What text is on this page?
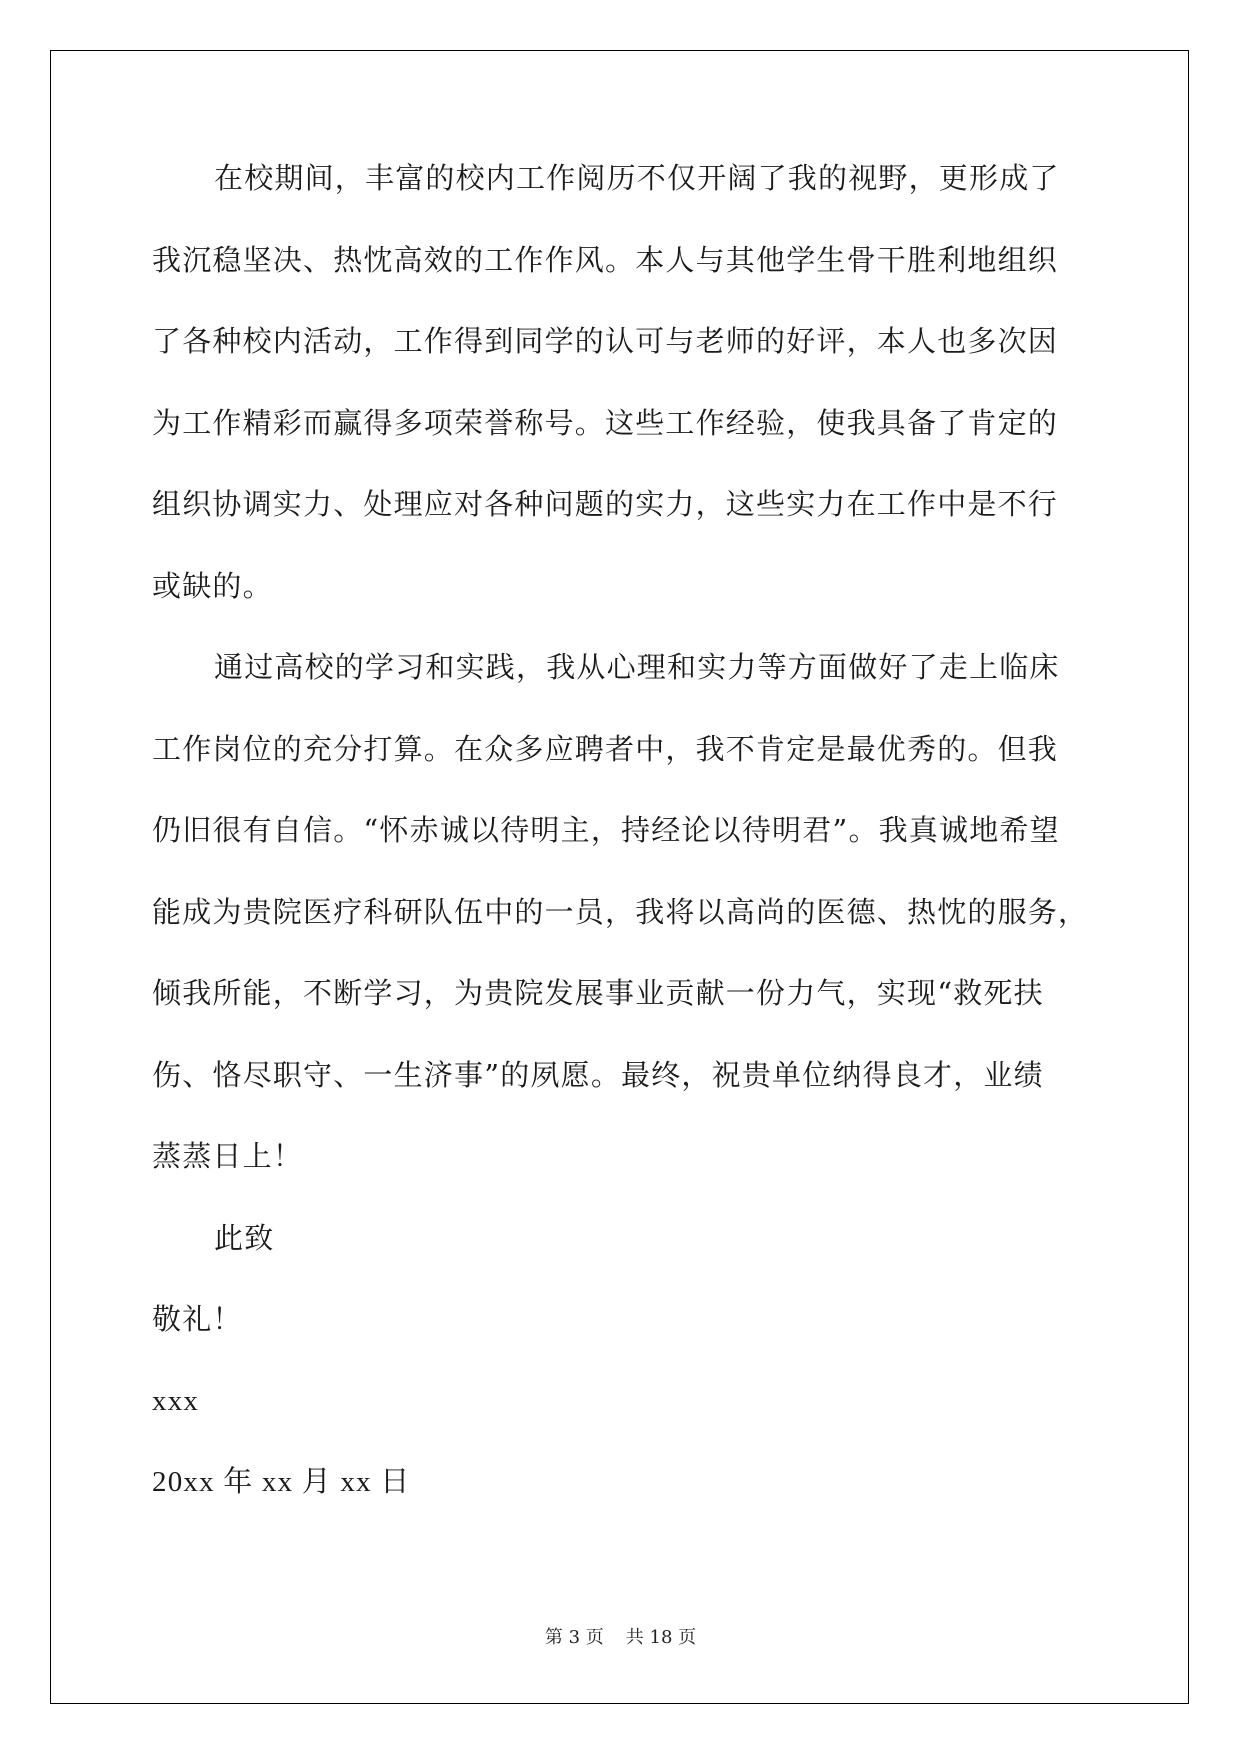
在校期间，丰富的校内工作阅历不仅开阔了我的视野，更形成了
我沉稳坚决、热忱高效的工作作风。本人与其他学生骨干胜利地组织
了各种校内活动，工作得到同学的认可与老师的好评，本人也多次因
为工作精彩而赢得多项荣誉称号。这些工作经验，使我具备了肯定的
组织协调实力、处理应对各种问题的实力，这些实力在工作中是不行
或缺的。
通过高校的学习和实践，我从心理和实力等方面做好了走上临床
工作岗位的充分打算。在众多应聘者中，我不肯定是最优秀的。但我
仍旧很有自信。“怀赤诚以待明主，持经论以待明君”。我真诚地希望
能成为贵院医疗科研队伍中的一员，我将以高尚的医德、热忱的服务，
倾我所能，不断学习，为贵院发展事业贡献一份力气，实现“救死扶
伤、恪尽职守、一生济事”的夙愿。最终，祝贵单位纳得良才，业绩
蒸蒸日上！
此致
敬礼！
xxx
20xx 年 xx 月 xx 日
第 3 页 共 18 页
